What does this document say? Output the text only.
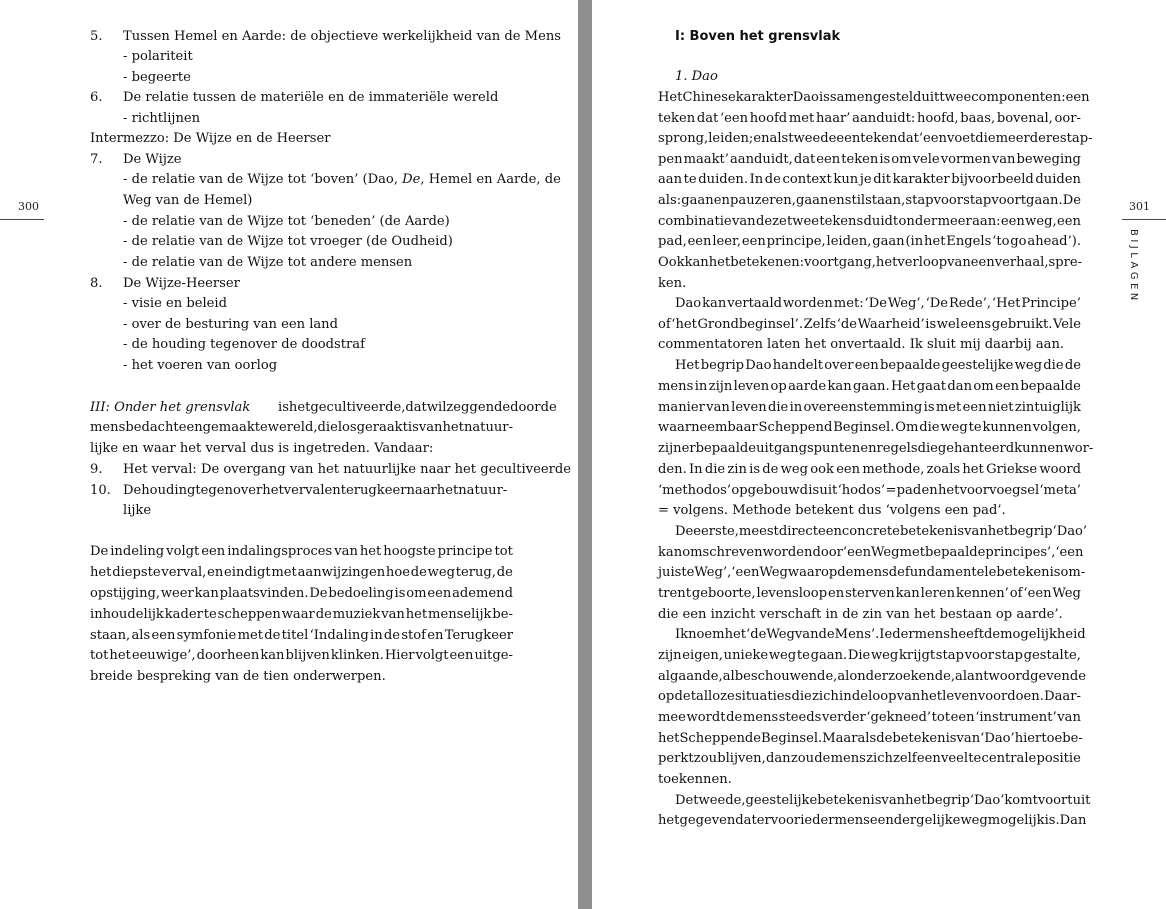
300
5. Tussen Hemel en Aarde: de objectieve werkelijkheid van de Mens
- polariteit
- begeerte
6. De relatie tussen de materiële en de immateriële wereld
- richtlijnen
Intermezzo: De Wijze en de Heerser
7. De Wijze
- de relatie van de Wijze tot ‘boven’ (Dao, De, Hemel en Aarde, de
Weg van de Hemel)
- de relatie van de Wijze tot ‘beneden’ (de Aarde)
- de relatie van de Wijze tot vroeger (de Oudheid)
- de relatie van de Wijze tot andere mensen
8. De Wijze-Heerser
- visie en beleid
- over de besturing van een land
- de houding tegenover de doodstraf
- het voeren van oorlog
III: Onder het grensvlak is het gecultiveerde, dat wil zeggen de door de
mens bedachte en gemaakte wereld, die losgeraakt is van het natuur-
lijke en waar het verval dus is ingetreden. Vandaar:
9. Het verval: De overgang van het natuurlijke naar het gecultiveerde
10. De houding tegenover het verval en terugkeer naar het natuur-
lijke
De indeling volgt een indalingsproces van het hoogste principe tot
het diepste verval, en eindigt met aanwijzingen hoe de weg terug, de
opstijging, weer kan plaatsvinden. De bedoeling is om een ademend
inhoudelijk kader te scheppen waar de muziek van het menselijk be-
staan, als een symfonie met de titel ‘Indaling in de stof en Terugkeer
tot het eeuwige’, doorheen kan blijven klinken. Hier volgt een uitge-
breide bespreking van de tien onderwerpen.
301
BIJLAGEN
I: Boven het grensvlak
1. Dao
Het Chinese karakter Dao is samengesteld uit twee componenten: een
teken dat ‘een hoofd met haar’ aanduidt: hoofd, baas, bovenal, oor-
sprong, leiden; en als tweede een teken dat ‘een voet die meerdere stap-
pen maakt’ aanduidt, dat een teken is om vele vormen van beweging
aan te duiden. In de context kun je dit karakter bijvoorbeeld duiden
als: gaan en pauzeren, gaan en stilstaan, stap voor stap voortgaan. De
combinatie van deze twee tekens duidt onder meer aan: een weg, een
pad, een leer, een principe, leiden, gaan (in het Engels ‘to go ahead’).
Ook kan het betekenen: voortgang, het verloop van een verhaal, spre-
ken.
Dao kan vertaald worden met: ‘De Weg’, ‘De Rede’, ‘Het Principe’
of ‘het Grondbeginsel’. Zelfs ‘de Waarheid’ is wel eens gebruikt. Vele
commentatoren laten het onvertaald. Ik sluit mij daarbij aan.
Het begrip Dao handelt over een bepaalde geestelijke weg die de
mens in zijn leven op aarde kan gaan. Het gaat dan om een bepaalde
manier van leven die in overeenstemming is met een niet zintuiglijk
waarneembaar Scheppend Beginsel. Om die weg te kunnen volgen,
zijn er bepaalde uitgangspunten en regels die gehanteerd kunnen wor-
den. In die zin is de weg ook een methode, zoals het Griekse woord
‘methodos’ opgebouwd is uit ‘hodos’ = pad en het voorvoegsel ‘meta’
= volgens. Methode betekent dus ‘volgens een pad’.
De eerste, meest directe en concrete betekenis van het begrip ‘Dao’
kan omschreven worden door ‘een Weg met bepaalde principes’, ‘een
juiste Weg’, ‘een Weg waarop de mens de fundamentele betekenis om-
trent geboorte, levensloop en sterven kan leren kennen’ of ‘een Weg
die een inzicht verschaft in de zin van het bestaan op aarde’.
Ik noem het ‘de Weg van de Mens’. Ieder mens heeft de mogelijkheid
zijn eigen, unieke weg te gaan. Die weg krijgt stap voor stap gestalte,
al gaande, al beschouwende, al onderzoekende, al antwoord gevende
op de talloze situaties die zich in de loop van het leven voordoen. Daar-
mee wordt de mens steeds verder ‘gekneed’ tot een ‘instrument’ van
het Scheppende Beginsel. Maar als de betekenis van ‘Dao’ hiertoe be-
perkt zou blijven, dan zou de mens zichzelf een veel te centrale positie
toekennen.
De tweede, geestelijke betekenis van het begrip ‘Dao’ komt voort uit
het gegeven dat er voor ieder mens een dergelijke weg mogelijk is. Dan
